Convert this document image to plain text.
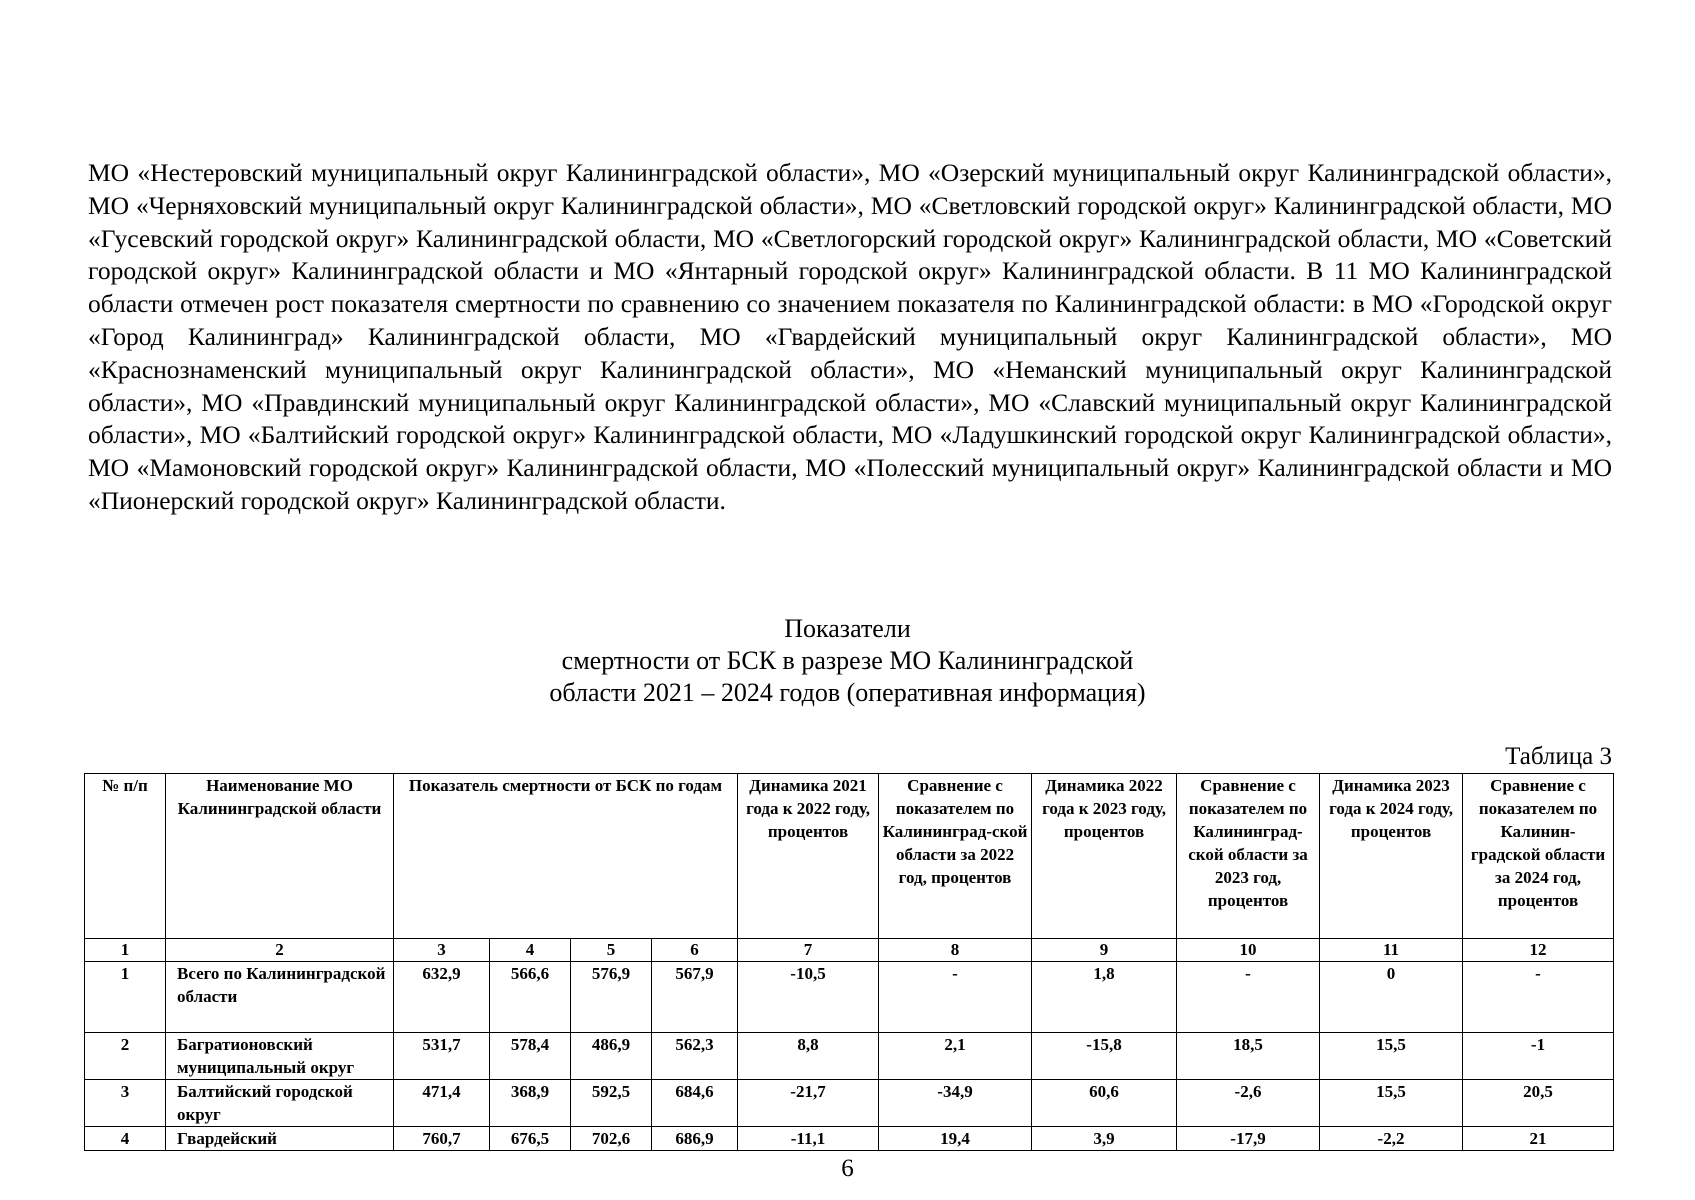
МО «Нестеровский муниципальный округ Калининградской области», МО «Озерский муниципальный округ Калининградской области», МО «Черняховский муниципальный округ Калининградской области», МО «Светловский городской округ» Калининградской области, МО «Гусевский городской округ» Калининградской области, МО «Светлогорский городской округ» Калининградской области, МО «Советский городской округ» Калининградской области и МО «Янтарный городской округ» Калининградской области. В 11 МО Калининградской области отмечен рост показателя смертности по сравнению со значением показателя по Калининградской области: в МО «Городской округ «Город Калининград» Калининградской области, МО «Гвардейский муниципальный округ Калининградской области», МО «Краснознаменский муниципальный округ Калининградской области», МО «Неманский муниципальный округ Калининградской области», МО «Правдинский муниципальный округ Калининградской области», МО «Славский муниципальный округ Калининградской области», МО «Балтийский городской округ» Калининградской области, МО «Ладушкинский городской округ Калининградской области», МО «Мамоновский городской округ» Калининградской области, МО «Полесский муниципальный округ» Калининградской области и МО «Пионерский городской округ» Калининградской области.

Показатели
смертности от БСК в разрезе МО Калининградской
области 2021 – 2024 годов (оперативная информация)
Таблица 3
№ п/п	Наименование МО Калининградской области	Показатель смертности от БСК по годам				Динамика 2021 года к 2022 году, процентов	Сравнение с показателем по Калининград-ской области за 2022 год, процентов	Динамика 2022 года к 2023 году, процентов	Сравнение с показателем по Калининград-ской области за 2023 год, процентов	Динамика 2023 года к 2024 году, процентов	Сравнение с показателем по Калинин-градской области за 2024 год, процентов
1	2	3	4	5	6	7	8	9	10	11	12
1	Всего по Калининградской области	632,9	566,6	576,9	567,9	-10,5	-	1,8	-	0	-
2	Багратионовский муниципальный округ	531,7	578,4	486,9	562,3	8,8	2,1	-15,8	18,5	15,5	-1
3	Балтийский городской округ	471,4	368,9	592,5	684,6	-21,7	-34,9	60,6	-2,6	15,5	20,5
4	Гвардейский	760,7	676,5	702,6	686,9	-11,1	19,4	3,9	-17,9	-2,2	21
6
